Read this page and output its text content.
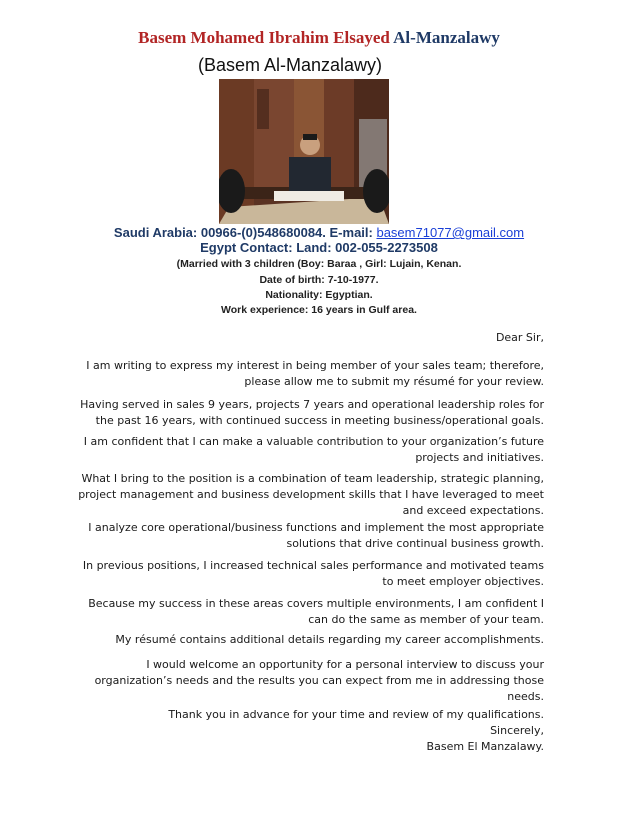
Basem Mohamed Ibrahim Elsayed Al-Manzalawy
(Basem Al-Manzalawy)
Saudi Arabia: 00966-(0)548680084. E-mail: basem71077@gmail.com
Egypt Contact: Land: 002-055-2273508
(Married with 3 children (Boy: Baraa , Girl: Lujain, Kenan.
Date of birth: 7-10-1977.
Nationality: Egyptian.
Work experience: 16 years in Gulf area.
Dear Sir,
I am writing to express my interest in being member of your sales team; therefore,
please allow me to submit my résumé for your review.
Having served in sales 9 years, projects 7 years and operational leadership roles for
the past 16 years, with continued success in meeting business/operational goals.
I am confident that I can make a valuable contribution to your organization’s future
projects and initiatives.
What I bring to the position is a combination of team leadership, strategic planning,
project management and business development skills that I have leveraged to meet
and exceed expectations.
I analyze core operational/business functions and implement the most appropriate
solutions that drive continual business growth.
In previous positions, I increased technical sales performance and motivated teams
to meet employer objectives.
Because my success in these areas covers multiple environments, I am confident I
can do the same as member of your team.
My résumé contains additional details regarding my career accomplishments.
I would welcome an opportunity for a personal interview to discuss your
organization’s needs and the results you can expect from me in addressing those
needs.
Thank you in advance for your time and review of my qualifications.
Sincerely,
Basem El Manzalawy.
